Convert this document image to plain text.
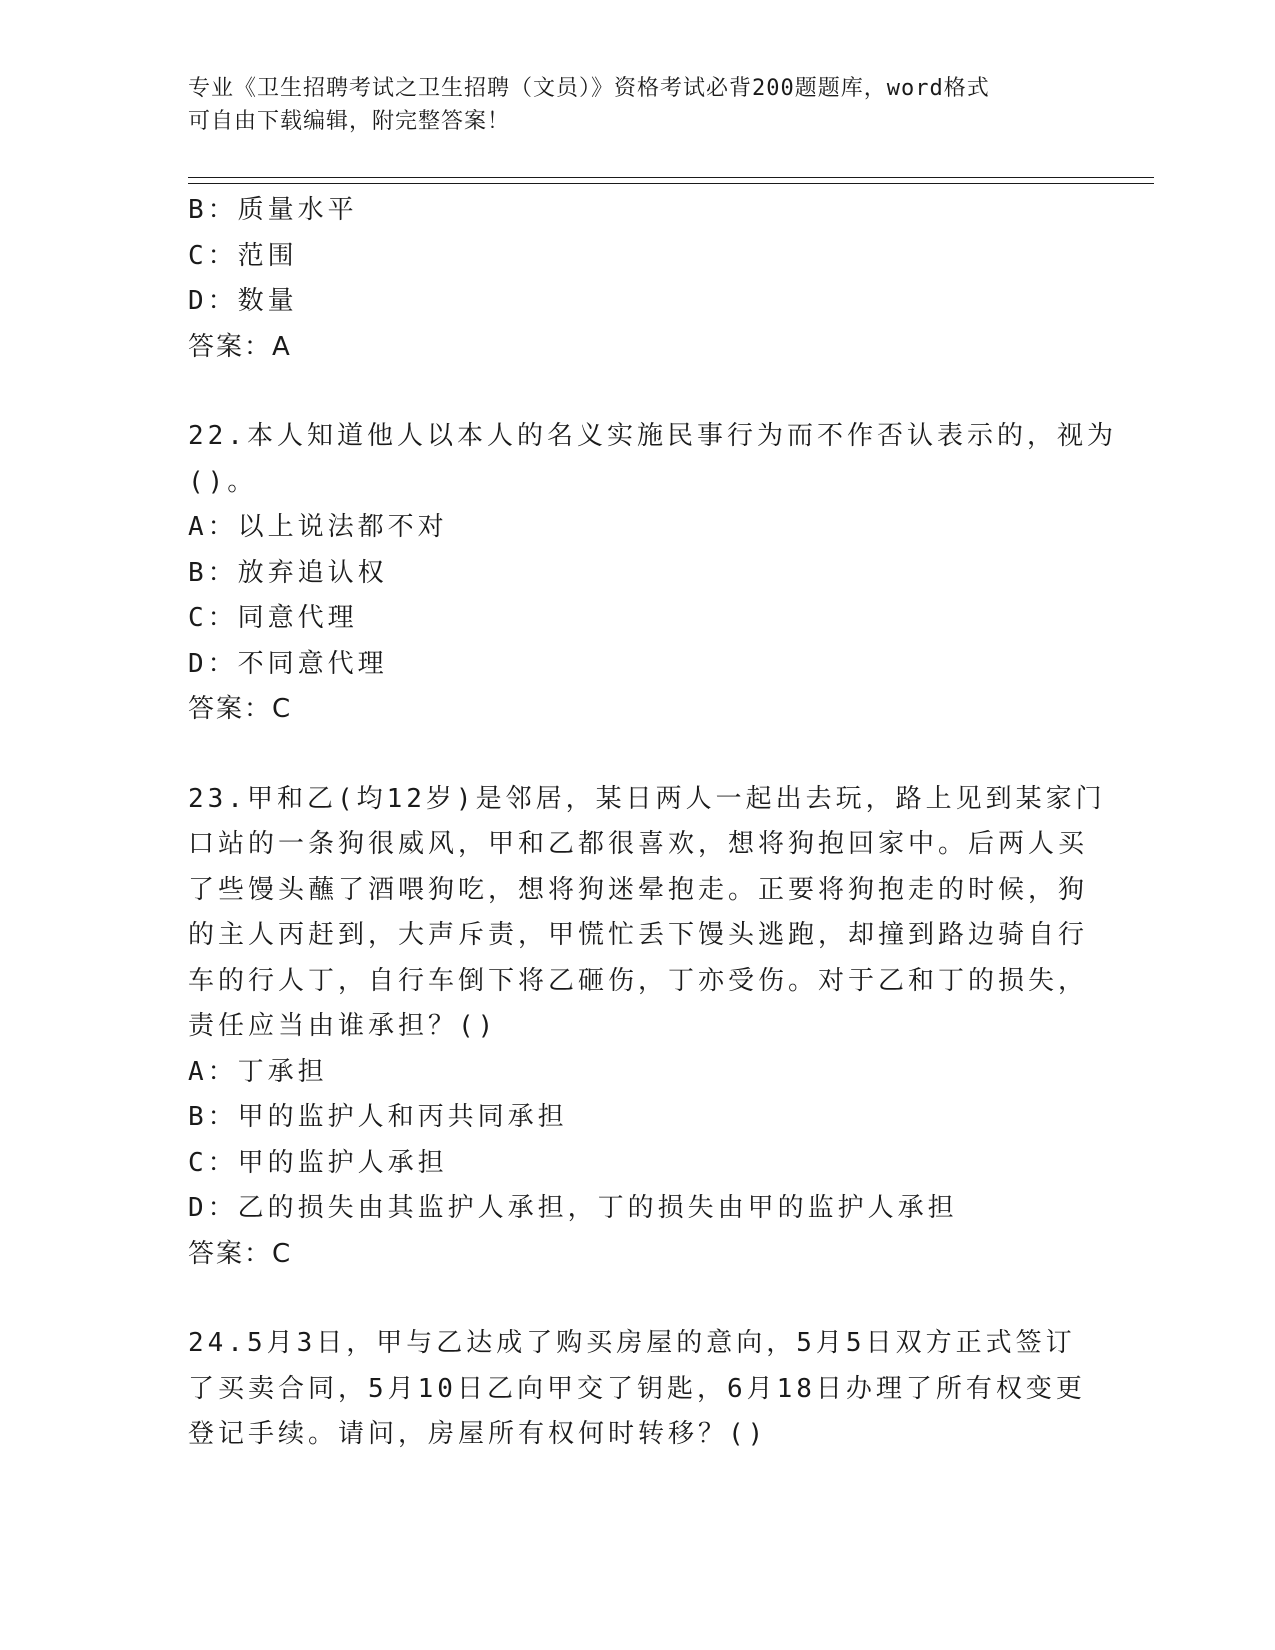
专业《卫生招聘考试之卫生招聘（文员）》资格考试必背200题题库，word格式
可自由下载编辑，附完整答案！
B：质量水平
C：范围
D：数量
答案：A
22.本人知道他人以本人的名义实施民事行为而不作否认表示的，视为
()。
A：以上说法都不对
B：放弃追认权
C：同意代理
D：不同意代理
答案：C
23.甲和乙(均12岁)是邻居，某日两人一起出去玩，路上见到某家门
口站的一条狗很威风，甲和乙都很喜欢，想将狗抱回家中。后两人买
了些馒头蘸了酒喂狗吃，想将狗迷晕抱走。正要将狗抱走的时候，狗
的主人丙赶到，大声斥责，甲慌忙丢下馒头逃跑，却撞到路边骑自行
车的行人丁，自行车倒下将乙砸伤，丁亦受伤。对于乙和丁的损失，
责任应当由谁承担？()
A：丁承担
B：甲的监护人和丙共同承担
C：甲的监护人承担
D：乙的损失由其监护人承担，丁的损失由甲的监护人承担
答案：C
24.5月3日，甲与乙达成了购买房屋的意向，5月5日双方正式签订
了买卖合同，5月10日乙向甲交了钥匙，6月18日办理了所有权变更
登记手续。请问，房屋所有权何时转移？()
